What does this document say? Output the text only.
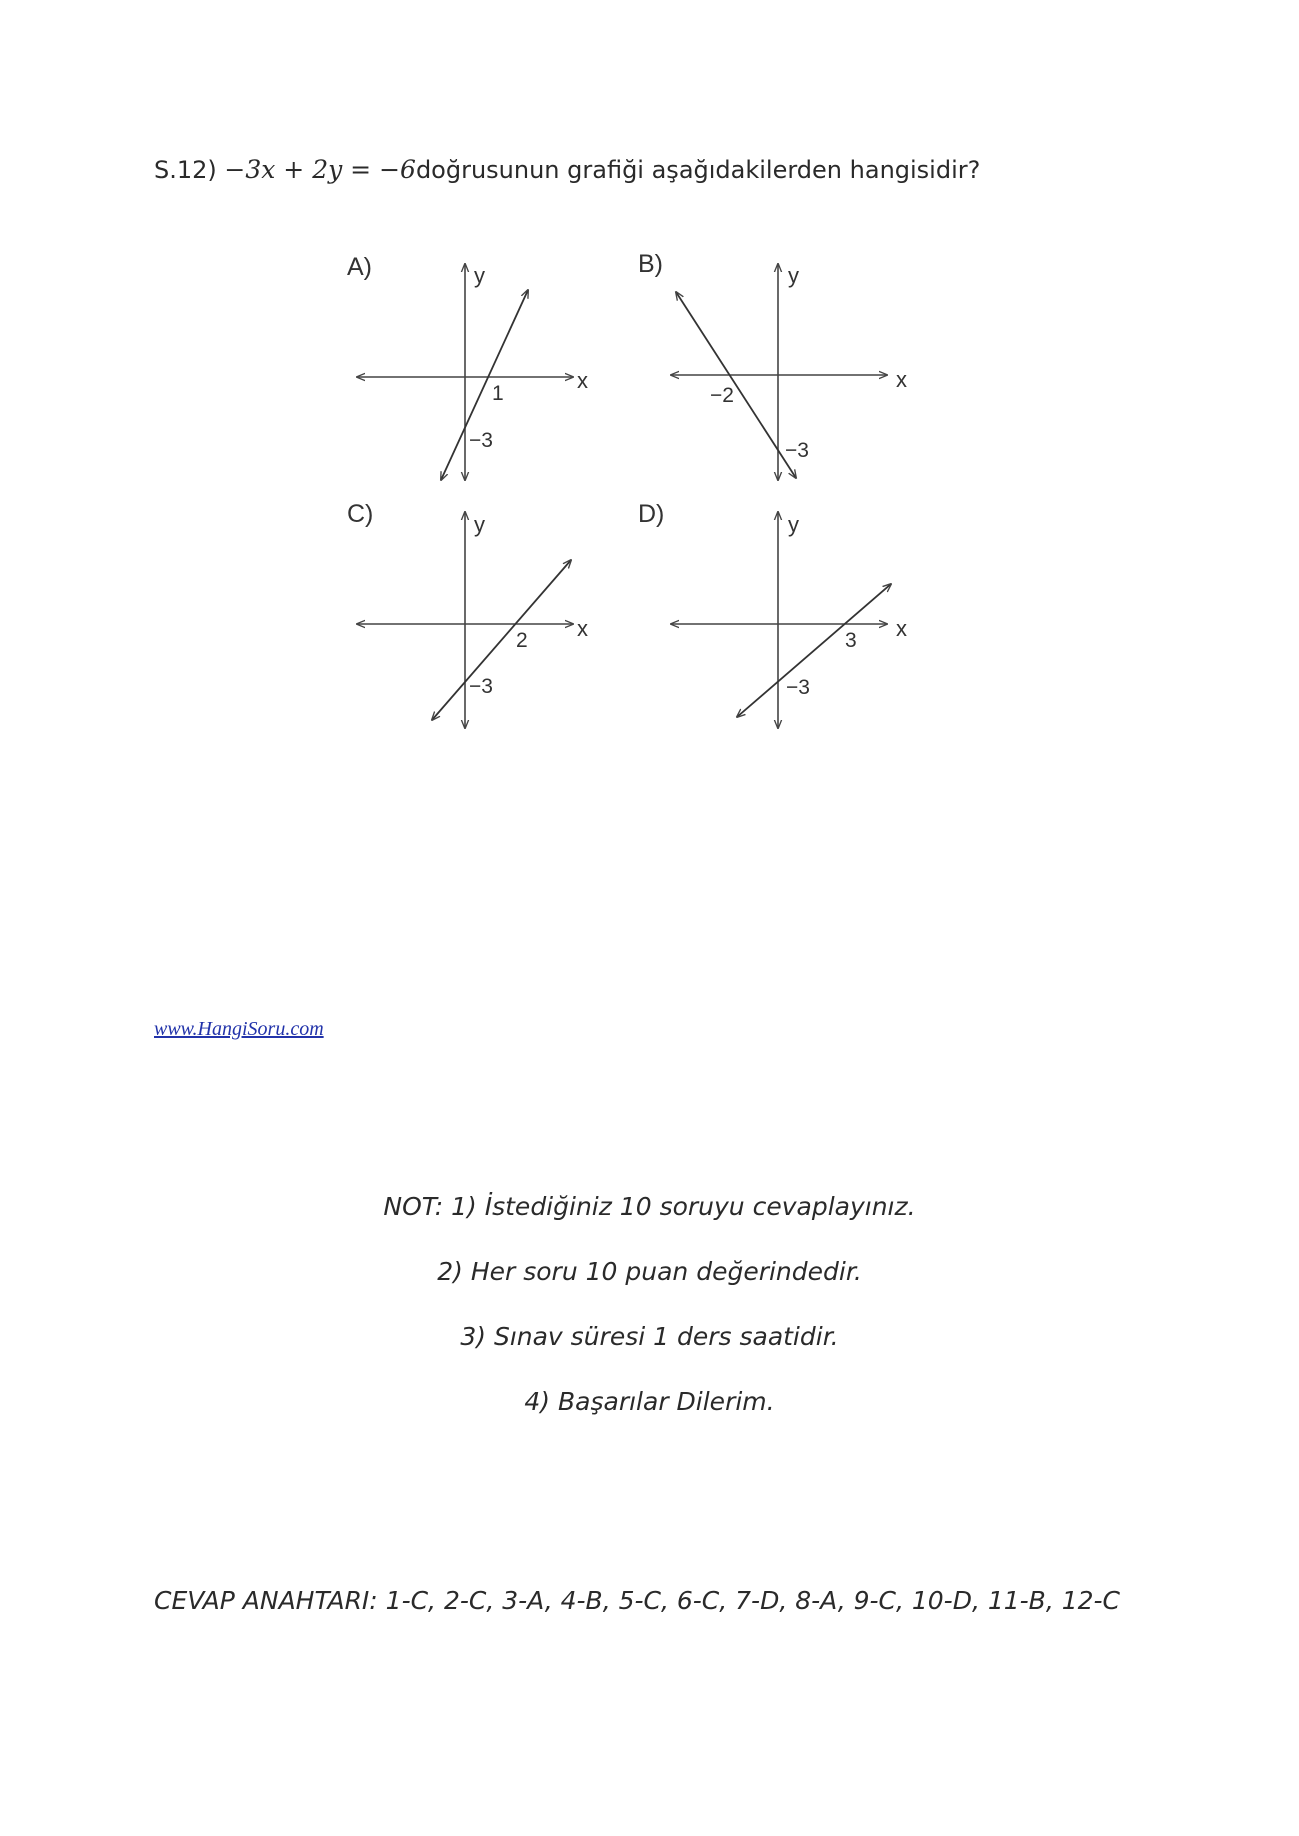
S.12) −3x + 2y = −6doğrusunun grafiği aşağıdakilerden hangisidir?
A)	y
x
1
−3
B)	y
x
−2
−3
C)	y
x
2
−3
D)	y
x
3
−3
www.HangiSoru.com
NOT: 1) İstediğiniz 10 soruyu cevaplayınız.
2) Her soru 10 puan değerindedir.
3) Sınav süresi 1 ders saatidir.
4) Başarılar Dilerim.
CEVAP ANAHTARI: 1-C, 2-C, 3-A, 4-B, 5-C, 6-C, 7-D, 8-A, 9-C, 10-D, 11-B, 12-C
